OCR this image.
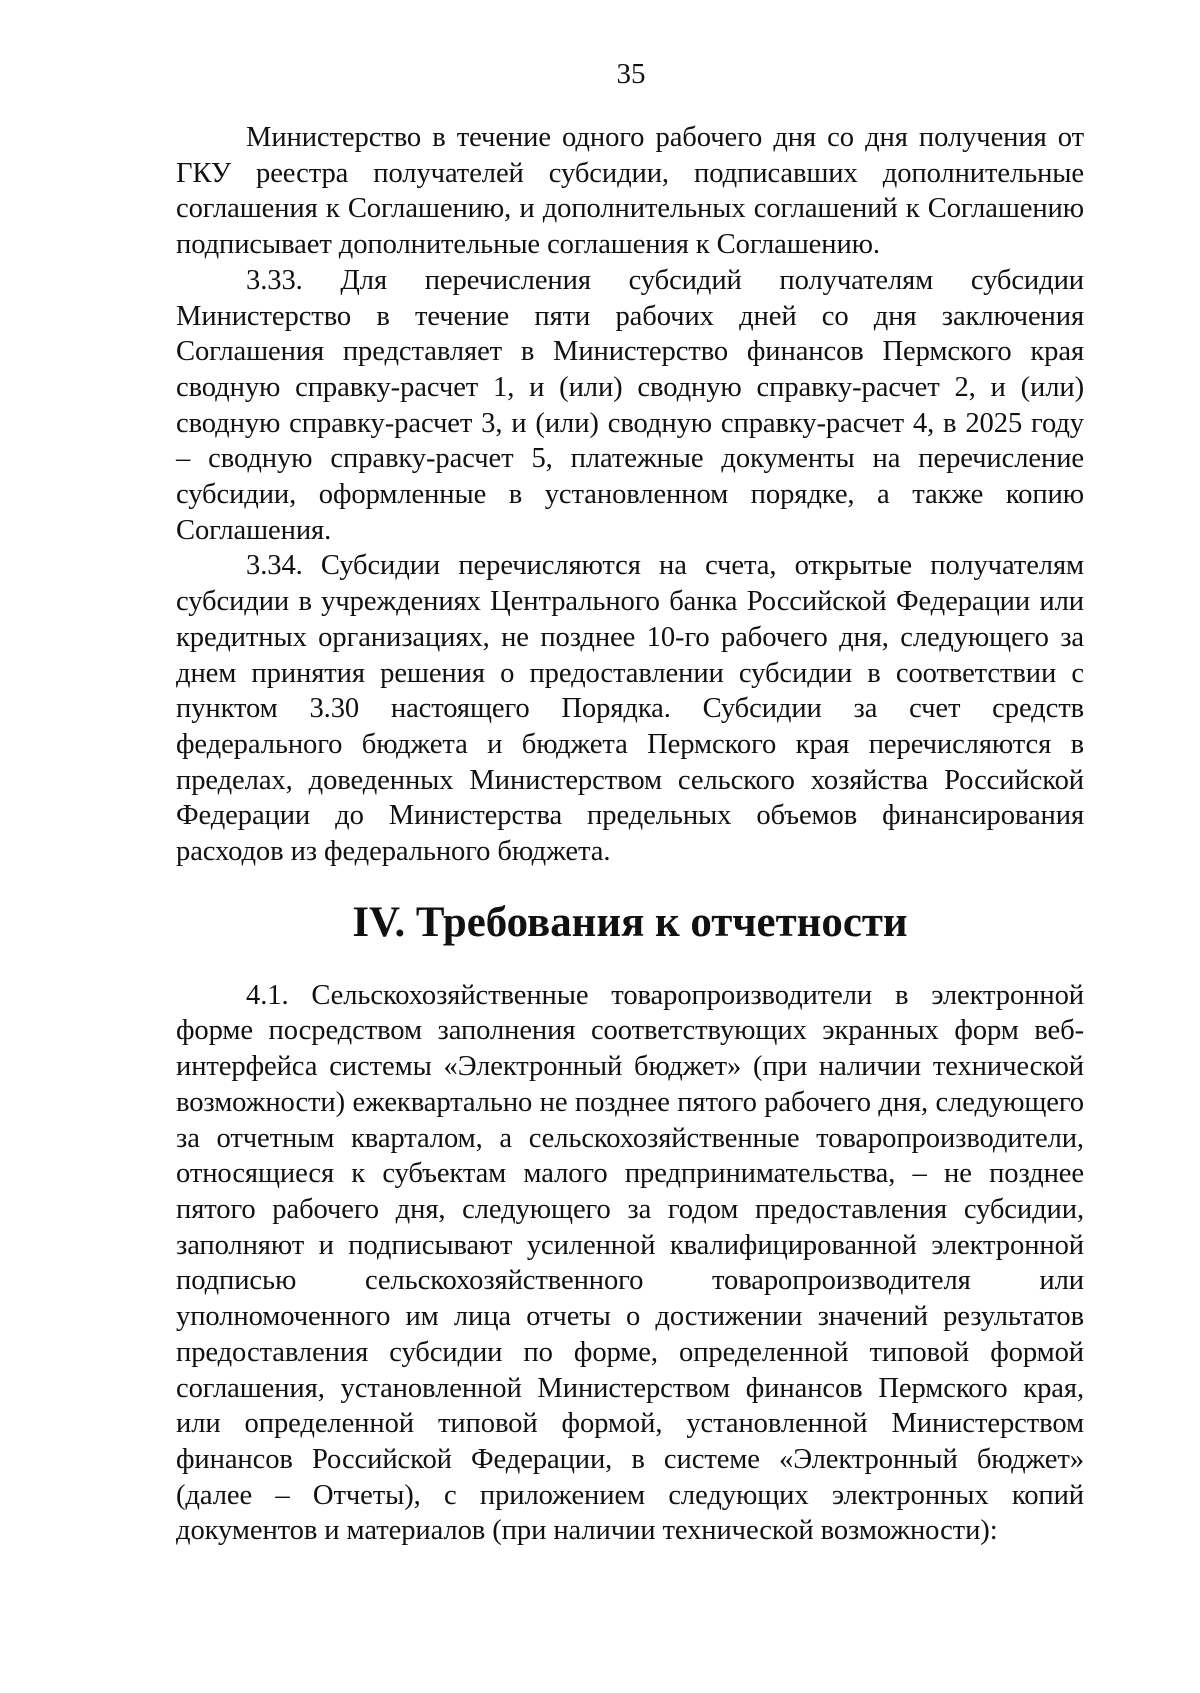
35

Министерство в течение одного рабочего дня со дня получения от ГКУ реестра получателей субсидии, подписавших дополнительные соглашения к Соглашению, и дополнительных соглашений к Соглашению подписывает дополнительные соглашения к Соглашению.

3.33. Для перечисления субсидий получателям субсидии Министерство в течение пяти рабочих дней со дня заключения Соглашения представляет в Министерство финансов Пермского края сводную справку-расчет 1, и (или) сводную справку-расчет 2, и (или) сводную справку-расчет 3, и (или) сводную справку-расчет 4, в 2025 году – сводную справку-расчет 5, платежные документы на перечисление субсидии, оформленные в установленном порядке, а также копию Соглашения.

3.34. Субсидии перечисляются на счета, открытые получателям субсидии в учреждениях Центрального банка Российской Федерации или кредитных организациях, не позднее 10-го рабочего дня, следующего за днем принятия решения о предоставлении субсидии в соответствии с пунктом 3.30 настоящего Порядка. Субсидии за счет средств федерального бюджета и бюджета Пермского края перечисляются в пределах, доведенных Министерством сельского хозяйства Российской Федерации до Министерства предельных объемов финансирования расходов из федерального бюджета.

IV. Требования к отчетности

4.1. Сельскохозяйственные товаропроизводители в электронной форме посредством заполнения соответствующих экранных форм веб-интерфейса системы «Электронный бюджет» (при наличии технической возможности) ежеквартально не позднее пятого рабочего дня, следующего за отчетным кварталом, а сельскохозяйственные товаропроизводители, относящиеся к субъектам малого предпринимательства, – не позднее пятого рабочего дня, следующего за годом предоставления субсидии, заполняют и подписывают усиленной квалифицированной электронной подписью сельскохозяйственного товаропроизводителя или уполномоченного им лица отчеты о достижении значений результатов предоставления субсидии по форме, определенной типовой формой соглашения, установленной Министерством финансов Пермского края, или определенной типовой формой, установленной Министерством финансов Российской Федерации, в системе «Электронный бюджет» (далее – Отчеты), с приложением следующих электронных копий документов и материалов (при наличии технической возможности):
